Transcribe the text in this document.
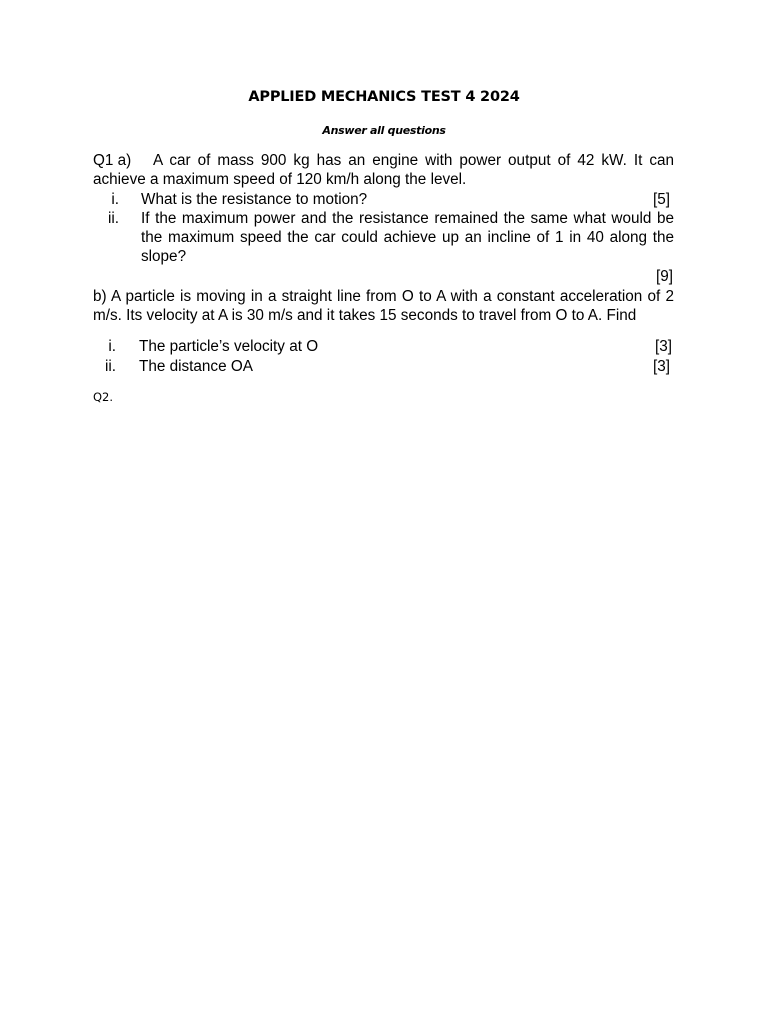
APPLIED MECHANICS TEST 4 2024
Answer all questions
Q1 a) A car of mass 900 kg has an engine with power output of 42 kW. It can achieve a maximum speed of 120 km/h along the level.
i. What is the resistance to motion?	[5]
ii. If the maximum power and the resistance remained the same what would be the maximum speed the car could achieve up an incline of 1 in 40 along the slope?
[9]
b) A particle is moving in a straight line from O to A with a constant acceleration of 2 m/s. Its velocity at A is 30 m/s and it takes 15 seconds to travel from O to A. Find
i. The particle’s velocity at O	[3]
ii. The distance OA	[3]
Q2.
